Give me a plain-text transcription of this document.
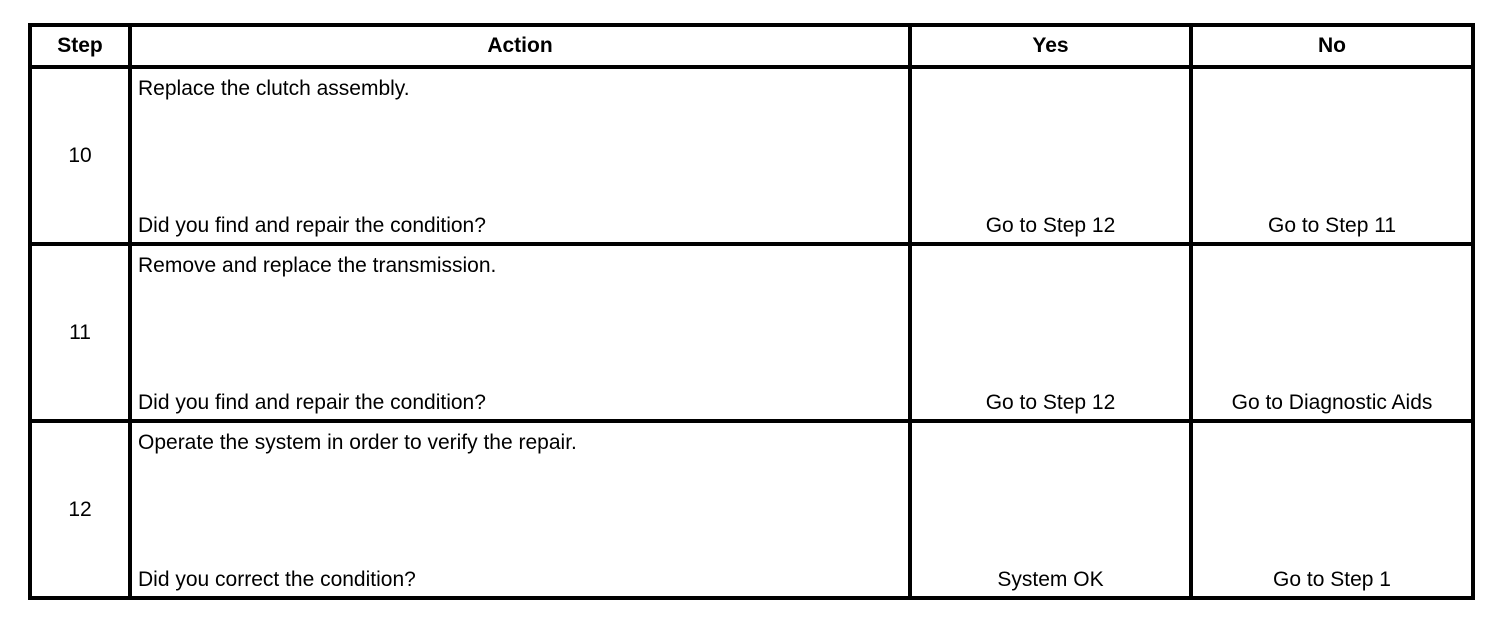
Step	Action	Yes	No
10	Replace the clutch assembly.
Did you find and repair the condition?	Go to Step 12	Go to Step 11

11	Remove and replace the transmission.
Did you find and repair the condition?	Go to Step 12	Go to Diagnostic Aids

12	Operate the system in order to verify the repair.
Did you correct the condition?	System OK	Go to Step 1
